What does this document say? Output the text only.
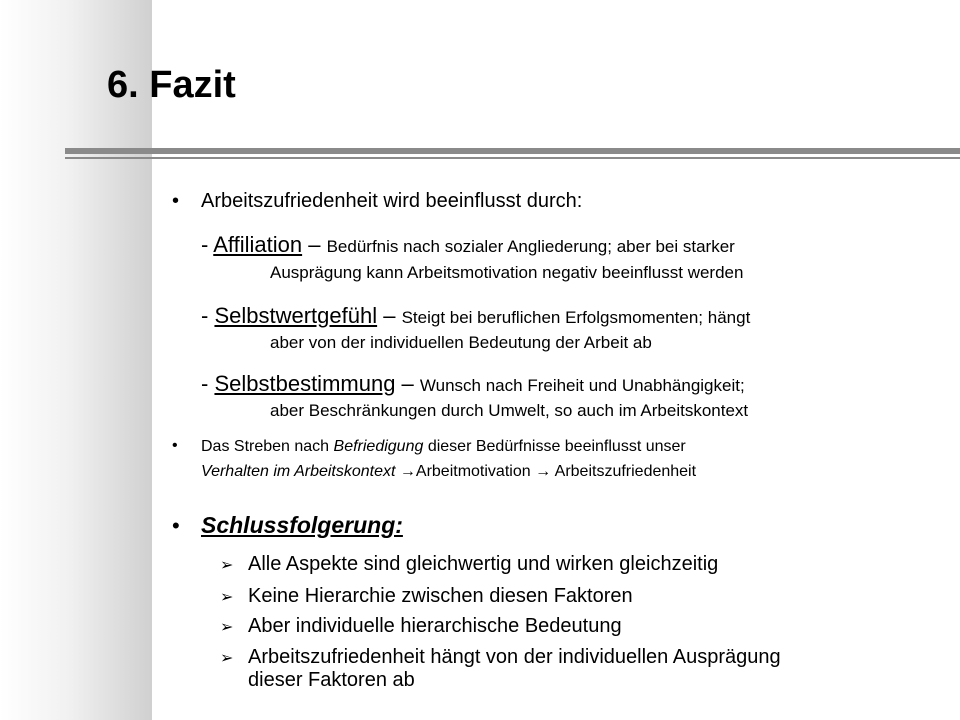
6. Fazit
• Arbeitszufriedenheit wird beeinflusst durch:
- Affiliation – Bedürfnis nach sozialer Angliederung; aber bei starker
Ausprägung kann Arbeitsmotivation negativ beeinflusst werden
- Selbstwertgefühl – Steigt bei beruflichen Erfolgsmomenten; hängt
aber von der individuellen Bedeutung der Arbeit ab
- Selbstbestimmung – Wunsch nach Freiheit und Unabhängigkeit;
aber Beschränkungen durch Umwelt, so auch im Arbeitskontext
• Das Streben nach Befriedigung dieser Bedürfnisse beeinflusst unser
Verhalten im Arbeitskontext →Arbeitmotivation → Arbeitszufriedenheit
• Schlussfolgerung:
➢ Alle Aspekte sind gleichwertig und wirken gleichzeitig
➢ Keine Hierarchie zwischen diesen Faktoren
➢ Aber individuelle hierarchische Bedeutung
➢ Arbeitszufriedenheit hängt von der individuellen Ausprägung
dieser Faktoren ab
